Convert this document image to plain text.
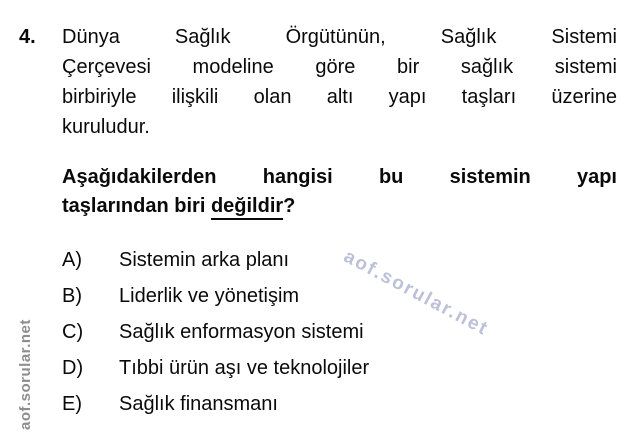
4.	Dünya Sağlık Örgütünün, Sağlık Sistemi
Çerçevesi modeline göre bir sağlık sistemi
birbiriyle ilişkili olan altı yapı taşları üzerine
kuruludur.
Aşağıdakilerden hangisi bu sistemin yapı
taşlarından biri değildir?
A)	Sistemin arka planı
B)	Liderlik ve yönetişim
C)	Sağlık enformasyon sistemi
D)	Tıbbi ürün aşı ve teknolojiler
E)	Sağlık finansmanı
aof.sorular.net
aof.sorular.net
